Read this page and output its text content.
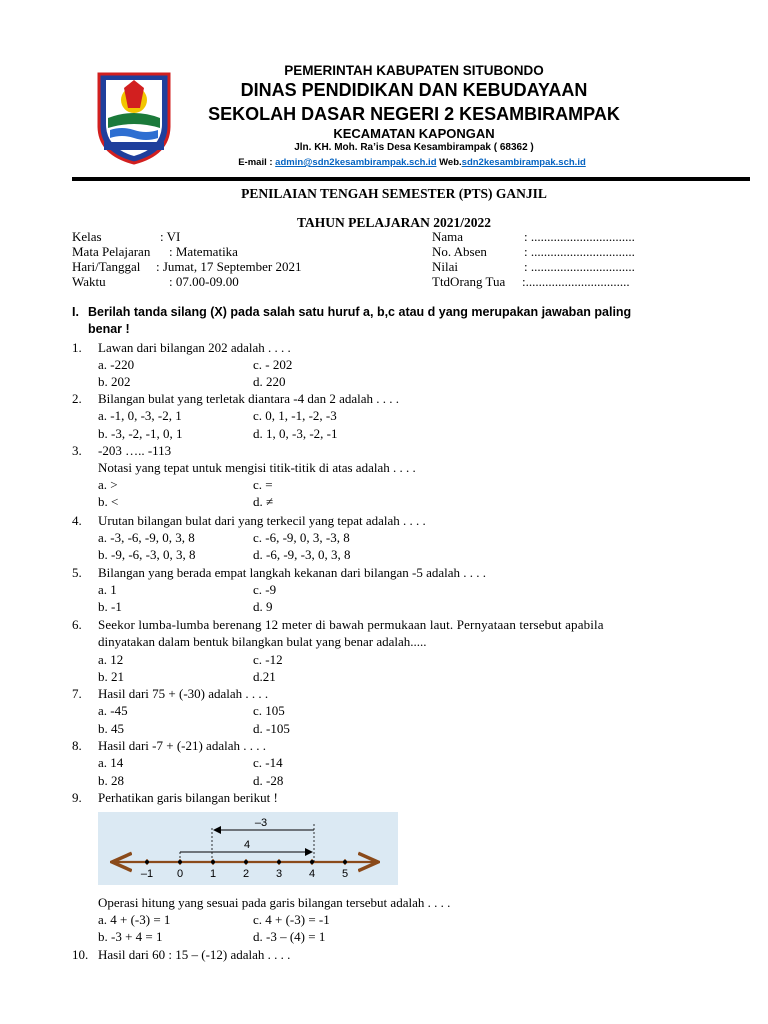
PEMERINTAH KABUPATEN SITUBONDO
DINAS PENDIDIKAN DAN KEBUDAYAAN
SEKOLAH DASAR NEGERI 2 KESAMBIRAMPAK
KECAMATAN KAPONGAN
Jln. KH. Moh. Ra’is Desa Kesambirampak ( 68362 )
E-mail : admin@sdn2kesambirampak.sch.id Web.sdn2kesambirampak.sch.id
PENILAIAN TENGAH SEMESTER (PTS) GANJIL
TAHUN PELAJARAN 2021/2022
Kelas	: VI
Mata Pelajaran : Matematika
Hari/Tanggal : Jumat, 17 September 2021
Waktu	: 07.00-09.00
Nama	: ................................
No. Absen	: ................................
Nilai	: ................................
TtdOrang Tua :................................
I. Berilah tanda silang (X) pada salah satu huruf a, b,c atau d yang merupakan jawaban paling
benar !
1. Lawan dari bilangan 202 adalah . . . .
a. -220	c. - 202
b. 202	d. 220
2. Bilangan bulat yang terletak diantara -4 dan 2 adalah . . . .
a. -1, 0, -3, -2, 1	c. 0, 1, -1, -2, -3
b. -3, -2, -1, 0, 1	d. 1, 0, -3, -2, -1
3. -203 ….. -113
Notasi yang tepat untuk mengisi titik-titik di atas adalah . . . .
a. >	c. =
b. <	d. ≠
4. Urutan bilangan bulat dari yang terkecil yang tepat adalah . . . .
a. -3, -6, -9, 0, 3, 8	c. -6, -9, 0, 3, -3, 8
b. -9, -6, -3, 0, 3, 8	d. -6, -9, -3, 0, 3, 8
5. Bilangan yang berada empat langkah kekanan dari bilangan -5 adalah . . . .
a. 1	c. -9
b. -1	d. 9
6. Seekor lumba-lumba berenang 12 meter di bawah permukaan laut. Pernyataan tersebut apabila
dinyatakan dalam bentuk bilangkan bulat yang benar adalah.....
a. 12	c. -12
b. 21	d.21
7. Hasil dari 75 + (-30) adalah . . . .
a. -45	c. 105
b. 45	d. -105
8. Hasil dari -7 + (-21) adalah . . . .
a. 14	c. -14
b. 28	d. -28
9. Perhatikan garis bilangan berikut !
–3
4
–1 0 1 2 3 4 5
Operasi hitung yang sesuai pada garis bilangan tersebut adalah . . . .
a. 4 + (-3) = 1	c. 4 + (-3) = -1
b. -3 + 4 = 1	d. -3 – (4) = 1
10. Hasil dari 60 : 15 – (-12) adalah . . . .
